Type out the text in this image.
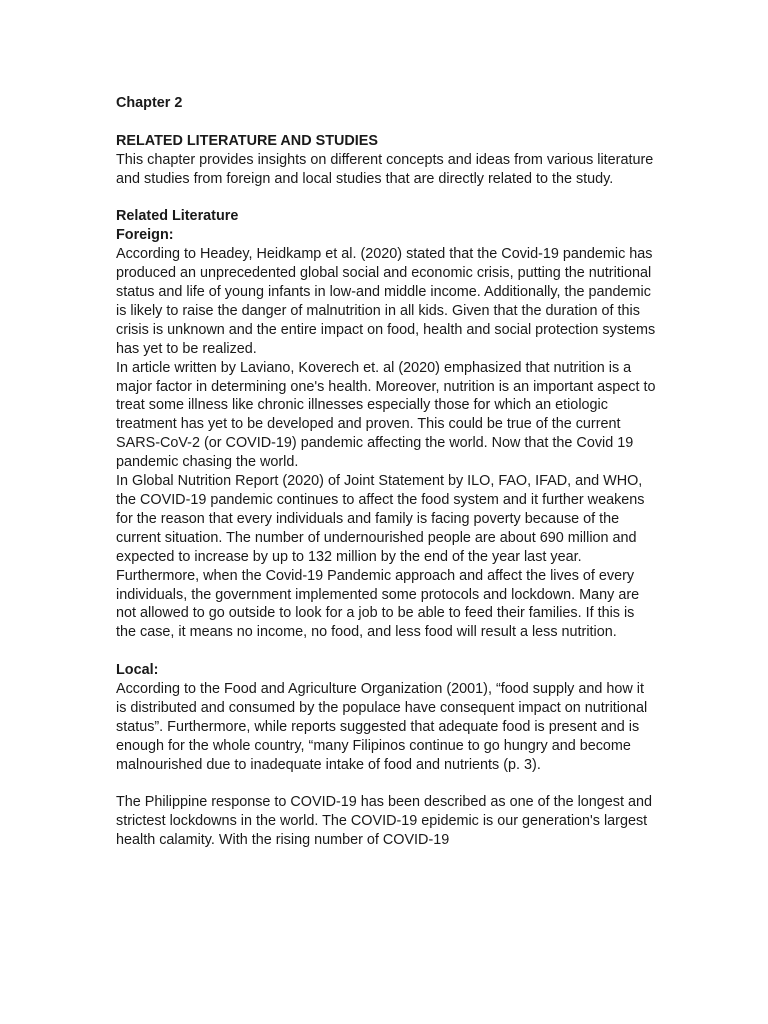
Chapter 2

RELATED LITERATURE AND STUDIES

This chapter provides insights on different concepts and ideas from various literature and studies from foreign and local studies that are directly related to the study.

Related Literature

Foreign:

According to Headey, Heidkamp et al. (2020) stated that the Covid-19 pandemic has produced an unprecedented global social and economic crisis, putting the nutritional status and life of young infants in low-and middle income. Additionally, the pandemic is likely to raise the danger of malnutrition in all kids. Given that the duration of this crisis is unknown and the entire impact on food, health and social protection systems has yet to be realized.

In article written by Laviano, Koverech et. al (2020) emphasized that nutrition is a major factor in determining one's health. Moreover, nutrition is an important aspect to treat some illness like chronic illnesses especially those for which an etiologic treatment has yet to be developed and proven. This could be true of the current SARS-CoV-2 (or COVID-19) pandemic affecting the world. Now that the Covid 19 pandemic chasing the world.

In Global Nutrition Report (2020) of Joint Statement by ILO, FAO, IFAD, and WHO, the COVID-19 pandemic continues to affect the food system and it further weakens for the reason that every individuals and family is facing poverty because of the current situation. The number of undernourished people are about 690 million and expected to increase by up to 132 million by the end of the year last year.

Furthermore, when the Covid-19 Pandemic approach and affect the lives of every individuals, the government implemented some protocols and lockdown. Many are not allowed to go outside to look for a job to be able to feed their families. If this is the case, it means no income, no food, and less food will result a less nutrition.

Local:

According to the Food and Agriculture Organization (2001), “food supply and how it is distributed and consumed by the populace have consequent impact on nutritional status”. Furthermore, while reports suggested that adequate food is present and is enough for the whole country, “many Filipinos continue to go hungry and become malnourished due to inadequate intake of food and nutrients (p. 3).

The Philippine response to COVID-19 has been described as one of the longest and strictest lockdowns in the world. The COVID-19 epidemic is our generation's largest health calamity. With the rising number of COVID-19
